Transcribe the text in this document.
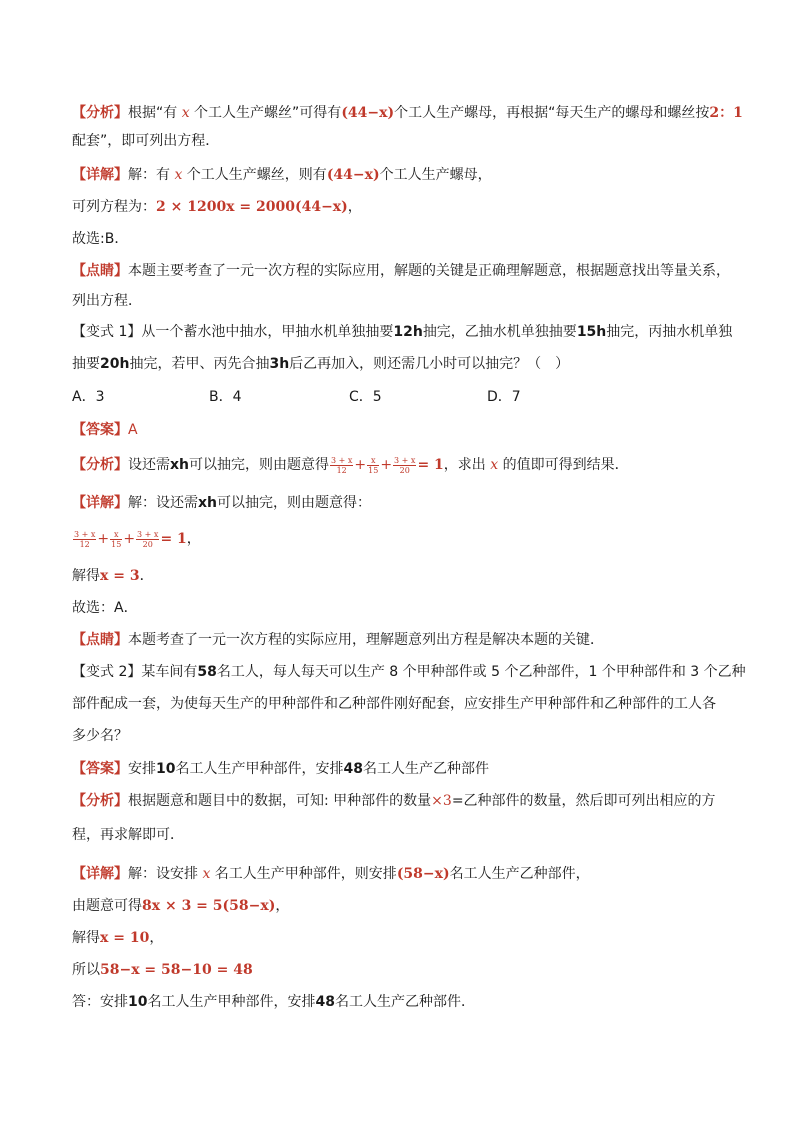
【分析】根据“有 x 个工人生产螺丝”可得有(44−x)个工人生产螺母，再根据“每天生产的螺母和螺丝按2：1
配套”，即可列出方程．
【详解】解：有 x 个工人生产螺丝，则有(44−x)个工人生产螺母，
可列方程为：2 × 1200x = 2000(44−x)，
故选:B．
【点睛】本题主要考查了一元一次方程的实际应用，解题的关键是正确理解题意，根据题意找出等量关系，
列出方程．
【变式 1】从一个蓄水池中抽水，甲抽水机单独抽要12h抽完，乙抽水机单独抽要15h抽完，丙抽水机单独
抽要20h抽完，若甲、丙先合抽3h后乙再加入，则还需几小时可以抽完？（　）
A．3	B．4	C．5	D．7
【答案】A
【分析】设还需xh可以抽完，则由题意得 $\frac{3 + x}{12} + \frac{x}{15} + \frac{3 + x}{20} = 1$，求出 x 的值即可得到结果．
【详解】解：设还需xh可以抽完，则由题意得：
$\frac{3 + x}{12} + \frac{x}{15} + \frac{3 + x}{20} = 1$，
解得x = 3．
故选：A．
【点睛】本题考查了一元一次方程的实际应用，理解题意列出方程是解决本题的关键．
【变式 2】某车间有58名工人，每人每天可以生产 8 个甲种部件或 5 个乙种部件，1 个甲种部件和 3 个乙种
部件配成一套，为使每天生产的甲种部件和乙种部件刚好配套，应安排生产甲种部件和乙种部件的工人各
多少名？
【答案】安排10名工人生产甲种部件，安排48名工人生产乙种部件
【分析】根据题意和题目中的数据，可知: 甲种部件的数量×3=乙种部件的数量，然后即可列出相应的方
程，再求解即可．
【详解】解：设安排 x 名工人生产甲种部件，则安排(58−x)名工人生产乙种部件，
由题意可得8x × 3 = 5(58−x)，
解得x = 10，
所以58−x = 58−10 = 48
答：安排10名工人生产甲种部件，安排48名工人生产乙种部件．
